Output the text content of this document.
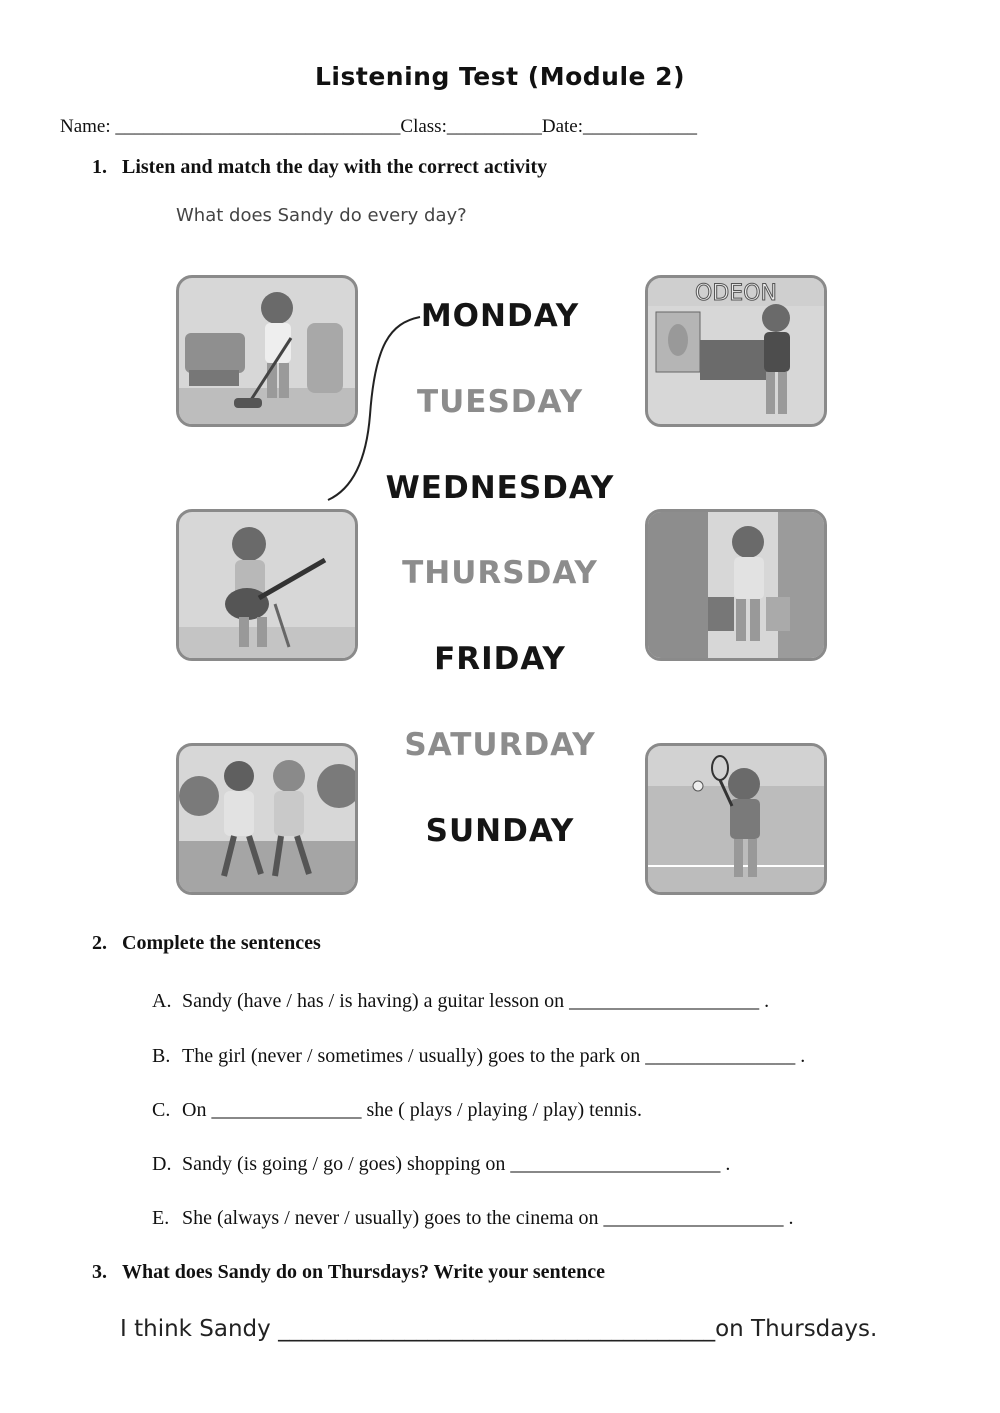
Listening Test (Module 2)
Name: ______________________________Class:__________Date:____________
1. Listen and match the day with the correct activity
What does Sandy do every day?
ODEON
MONDAY
TUESDAY
WEDNESDAY
THURSDAY
FRIDAY
SATURDAY
SUNDAY
2. Complete the sentences
A. Sandy (have / has / is having) a guitar lesson on ___________________ .
B. The girl (never / sometimes / usually) goes to the park on _______________ .
C. On _______________ she ( plays / playing / play) tennis.
D. Sandy (is going / go / goes) shopping on _____________________ .
E. She (always / never / usually) goes to the cinema on __________________ .
3. What does Sandy do on Thursdays? Write your sentence
I think Sandy ______________________________________on Thursdays.
